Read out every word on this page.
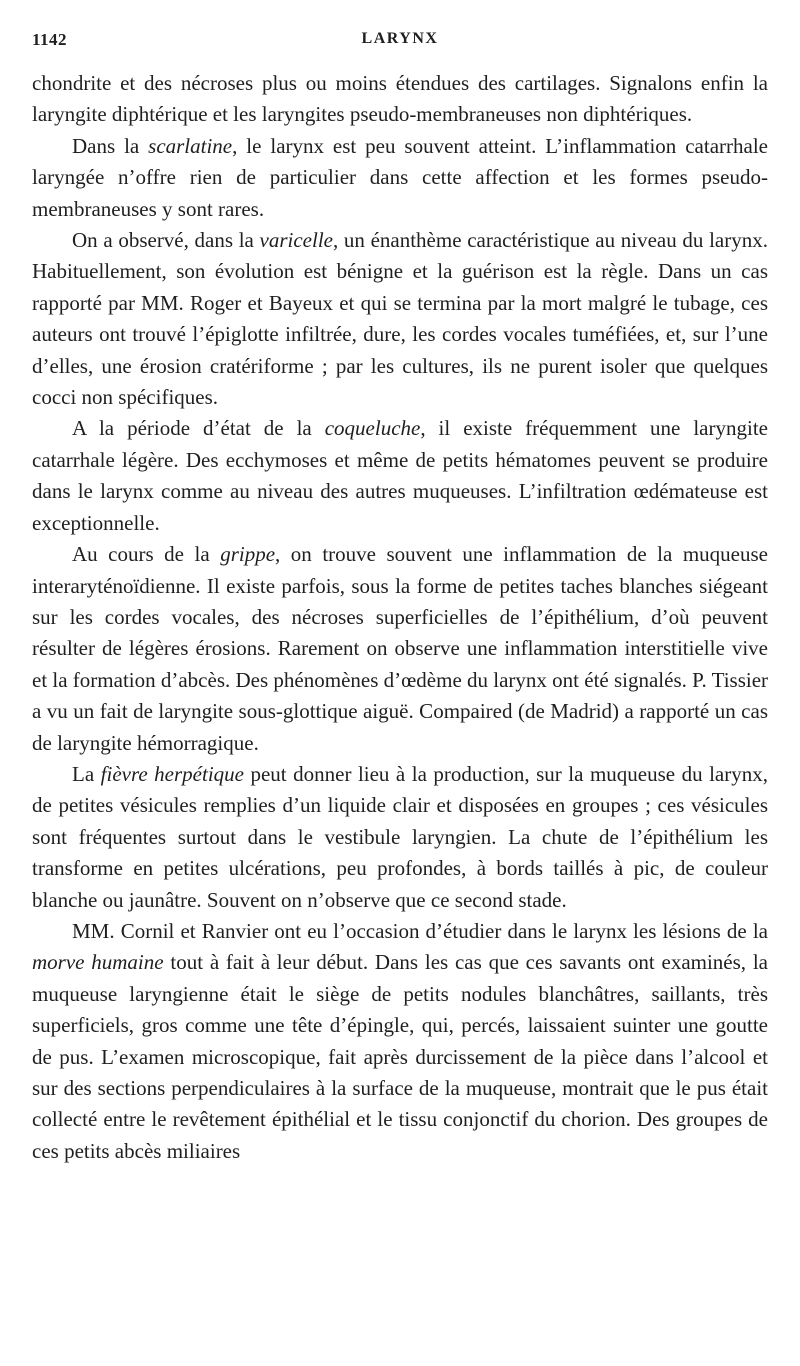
1142	LARYNX

chondrite et des nécroses plus ou moins étendues des cartilages. Signalons enfin la laryngite diphtérique et les laryngites pseudo-membraneuses non diphtériques.

Dans la scarlatine, le larynx est peu souvent atteint. L’inflammation catarrhale laryngée n’offre rien de particulier dans cette affection et les formes pseudo-membraneuses y sont rares.

On a observé, dans la varicelle, un énanthème caractéristique au niveau du larynx. Habituellement, son évolution est bénigne et la guérison est la règle. Dans un cas rapporté par MM. Roger et Bayeux et qui se termina par la mort malgré le tubage, ces auteurs ont trouvé l’épiglotte infiltrée, dure, les cordes vocales tuméfiées, et, sur l’une d’elles, une érosion cratériforme ; par les cultures, ils ne purent isoler que quelques cocci non spécifiques.

A la période d’état de la coqueluche, il existe fréquemment une laryngite catarrhale légère. Des ecchymoses et même de petits hématomes peuvent se produire dans le larynx comme au niveau des autres muqueuses. L’infiltration œdémateuse est exceptionnelle.

Au cours de la grippe, on trouve souvent une inflammation de la muqueuse interaryténoïdienne. Il existe parfois, sous la forme de petites taches blanches siégeant sur les cordes vocales, des nécroses superficielles de l’épithélium, d’où peuvent résulter de légères érosions. Rarement on observe une inflammation interstitielle vive et la formation d’abcès. Des phénomènes d’œdème du larynx ont été signalés. P. Tissier a vu un fait de laryngite sous-glottique aiguë. Compaired (de Madrid) a rapporté un cas de laryngite hémorragique.

La fièvre herpétique peut donner lieu à la production, sur la muqueuse du larynx, de petites vésicules remplies d’un liquide clair et disposées en groupes ; ces vésicules sont fréquentes surtout dans le vestibule laryngien. La chute de l’épithélium les transforme en petites ulcérations, peu profondes, à bords taillés à pic, de couleur blanche ou jaunâtre. Souvent on n’observe que ce second stade.

MM. Cornil et Ranvier ont eu l’occasion d’étudier dans le larynx les lésions de la morve humaine tout à fait à leur début. Dans les cas que ces savants ont examinés, la muqueuse laryngienne était le siège de petits nodules blanchâtres, saillants, très superficiels, gros comme une tête d’épingle, qui, percés, laissaient suinter une goutte de pus. L’examen microscopique, fait après durcissement de la pièce dans l’alcool et sur des sections perpendiculaires à la surface de la muqueuse, montrait que le pus était collecté entre le revêtement épithélial et le tissu conjonctif du chorion. Des groupes de ces petits abcès miliaires
